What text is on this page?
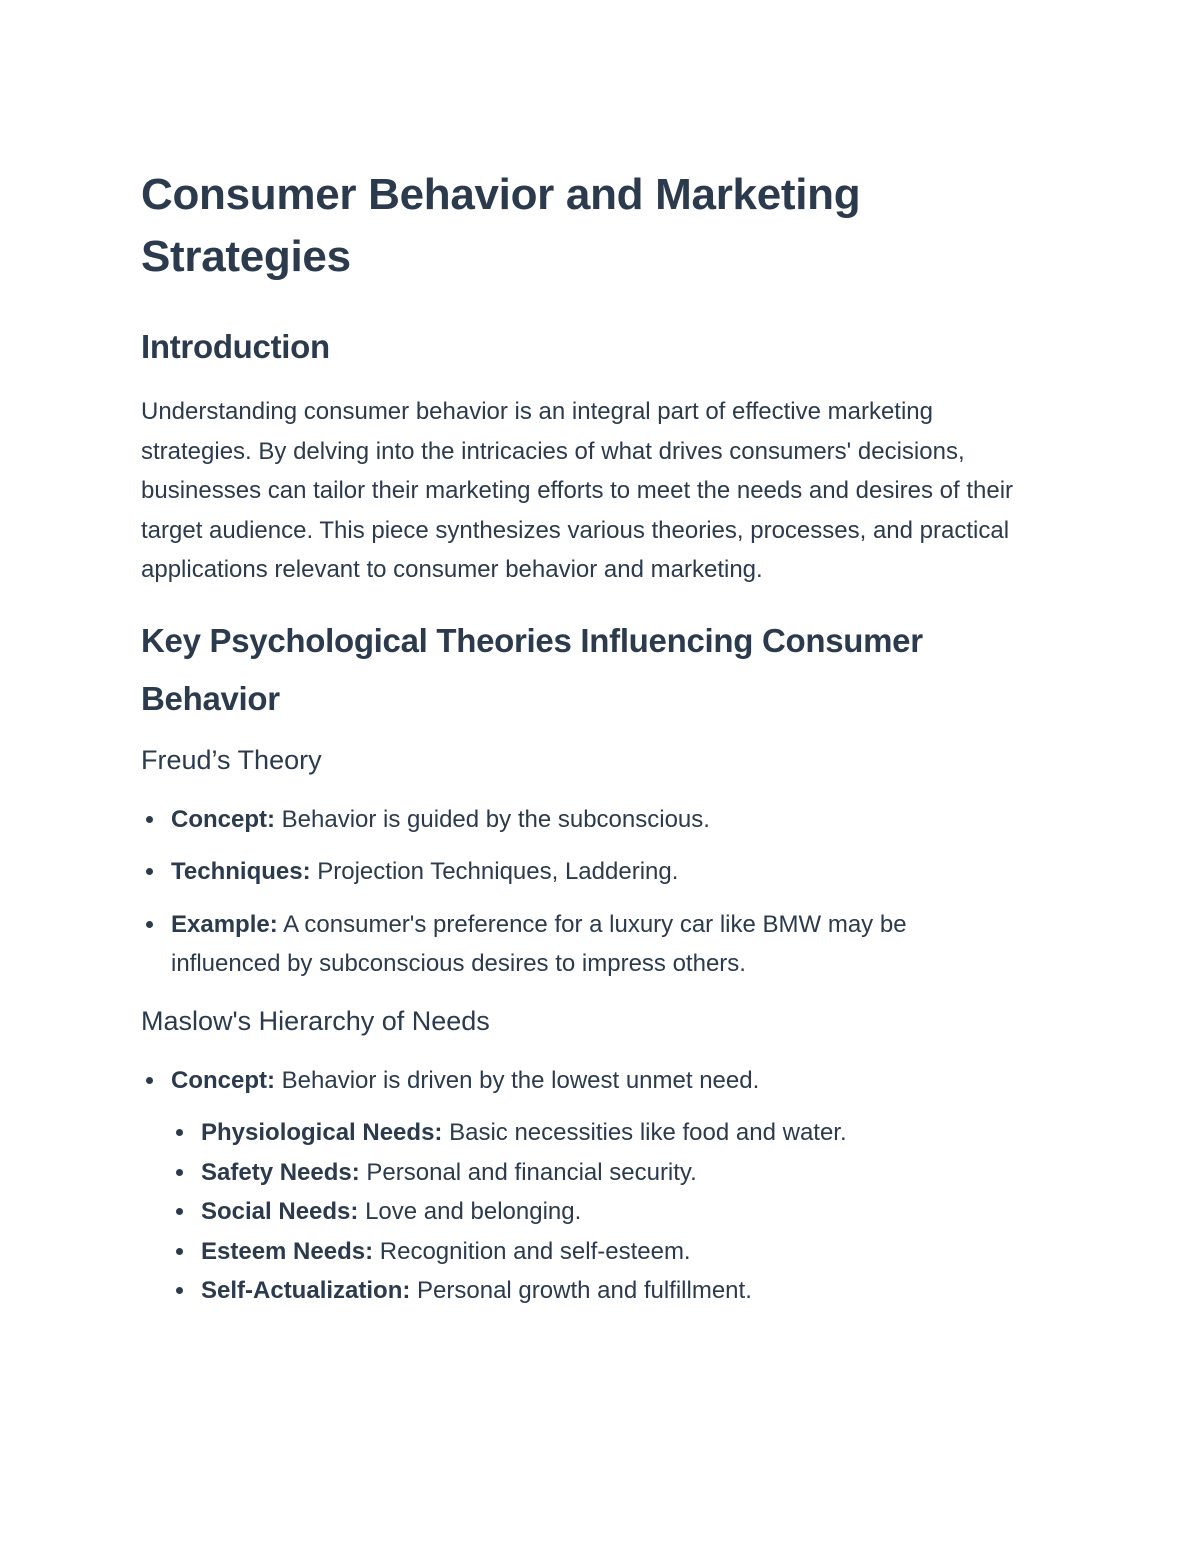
Consumer Behavior and Marketing Strategies
Introduction

Understanding consumer behavior is an integral part of effective marketing strategies. By delving into the intricacies of what drives consumers' decisions, businesses can tailor their marketing efforts to meet the needs and desires of their target audience. This piece synthesizes various theories, processes, and practical applications relevant to consumer behavior and marketing.

Key Psychological Theories Influencing Consumer Behavior
Freud’s Theory
Concept: Behavior is guided by the subconscious.
Techniques: Projection Techniques, Laddering.
Example: A consumer's preference for a luxury car like BMW may be influenced by subconscious desires to impress others.
Maslow's Hierarchy of Needs
Concept: Behavior is driven by the lowest unmet need.
Physiological Needs: Basic necessities like food and water.
Safety Needs: Personal and financial security.
Social Needs: Love and belonging.
Esteem Needs: Recognition and self-esteem.
Self-Actualization: Personal growth and fulfillment.
